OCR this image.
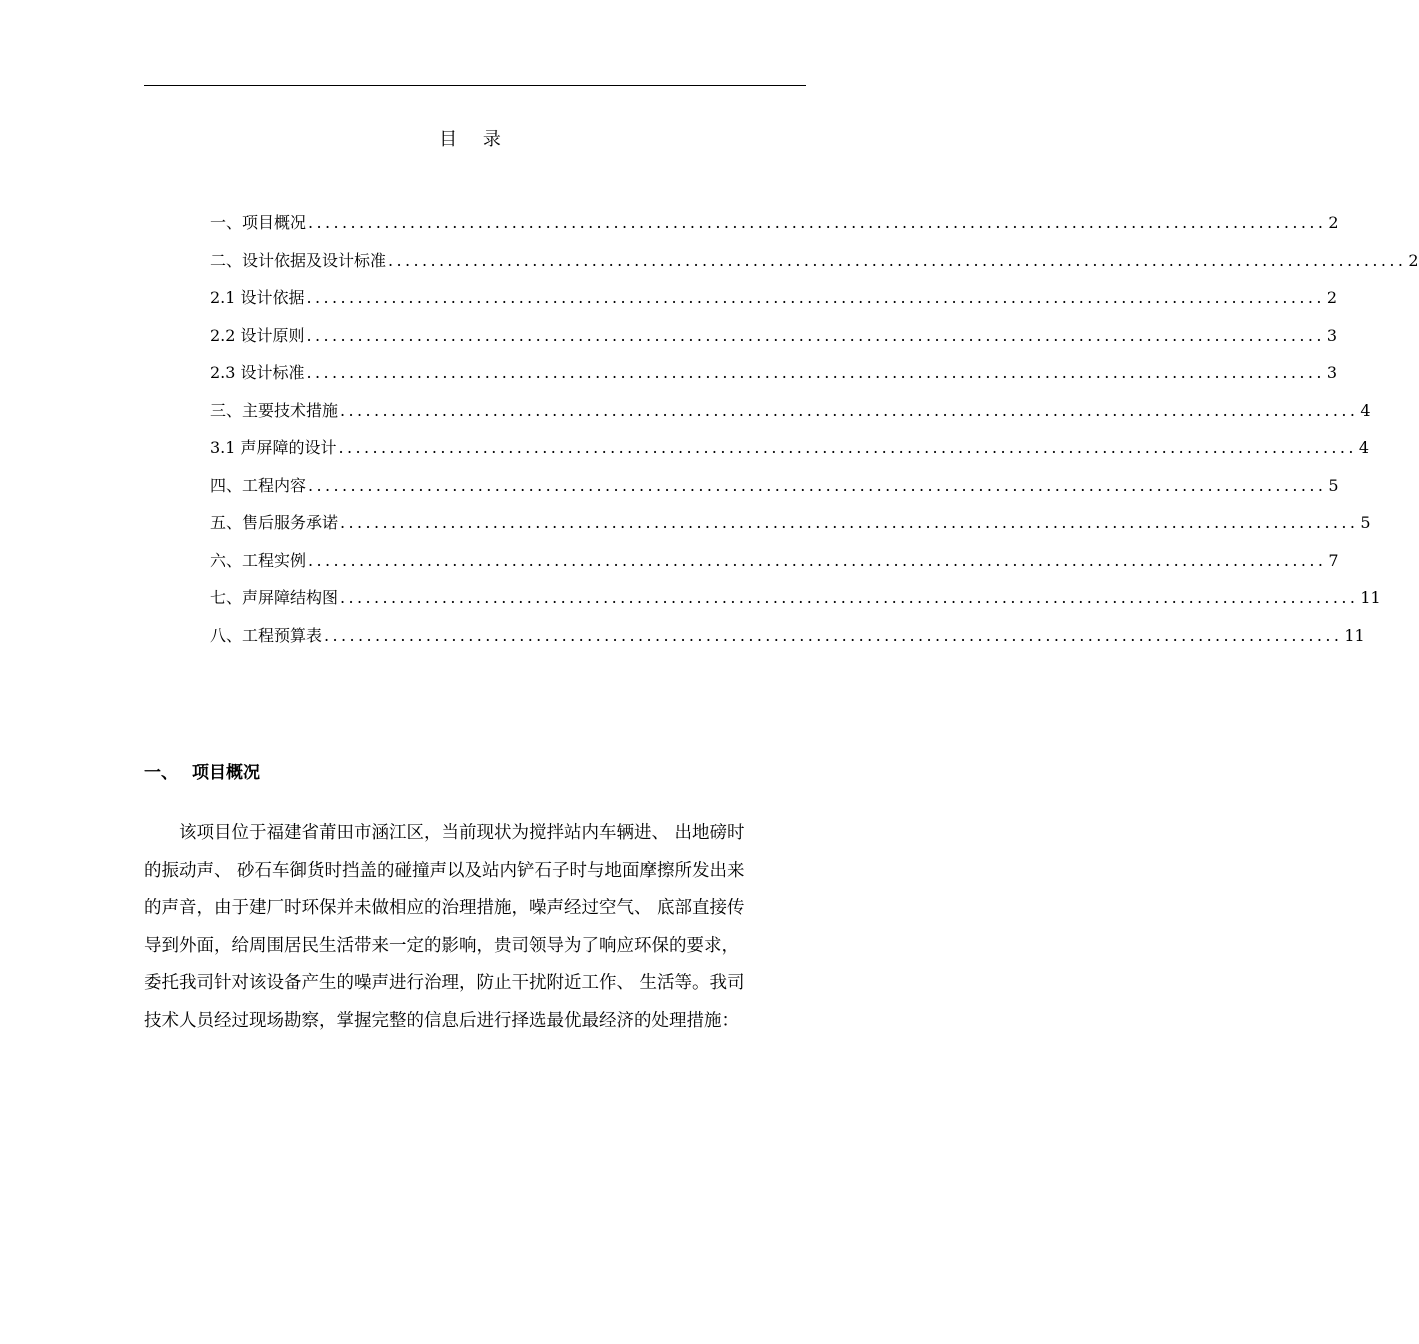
目 录
一、 项目概况 ........................................................................................................................ 2
二、 设计依据及设计标准 ........................................................................................................................ 2
2.1 设计依据 ........................................................................................................................ 2
2.2 设计原则 ........................................................................................................................ 3
2.3 设计标准 ........................................................................................................................ 3
三、 主要技术措施 ........................................................................................................................ 4
3.1 声屏障的设计 ........................................................................................................................ 4
四、 工程内容 ........................................................................................................................ 5
五、 售后服务承诺 ........................................................................................................................ 5
六、 工程实例 ........................................................................................................................ 7
七、 声屏障结构图 ........................................................................................................................ 11
八、 工程预算表 ........................................................................................................................ 11
一、 项目概况
该项目位于福建省莆田市涵江区，当前现状为搅拌站内车辆进、 出地磅时
的振动声、 砂石车御货时挡盖的碰撞声以及站内铲石子时与地面摩擦所发出来
的声音，由于建厂时环保并未做相应的治理措施，噪声经过空气、 底部直接传
导到外面，给周围居民生活带来一定的影响，贵司领导为了响应环保的要求，
委托我司针对该设备产生的噪声进行治理，防止干扰附近工作、 生活等。我司
技术人员经过现场勘察，掌握完整的信息后进行择选最优最经济的处理措施：
